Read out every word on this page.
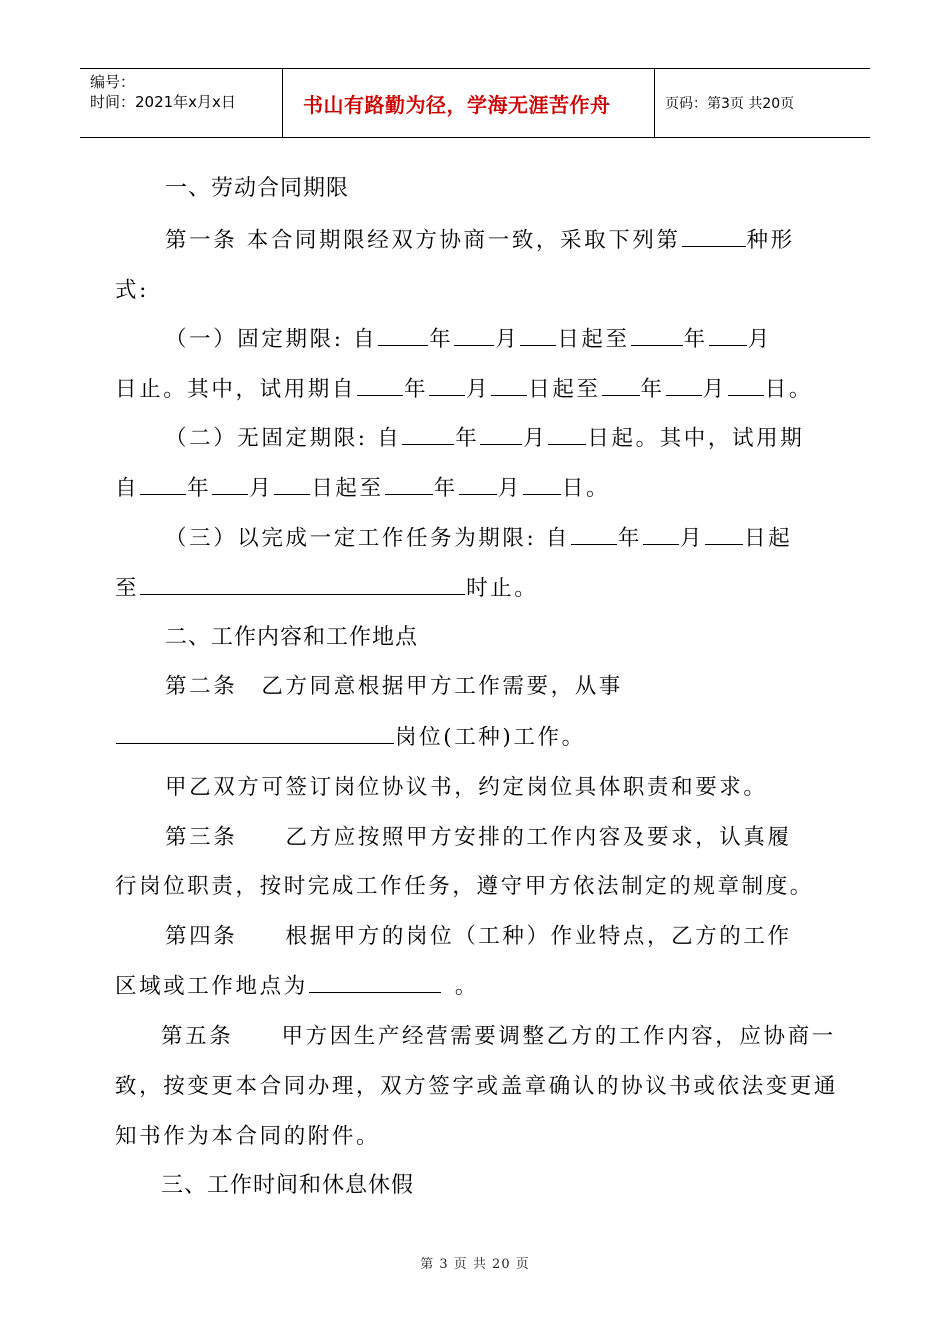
编号：
时间：2021年x月x日	书山有路勤为径，学海无涯苦作舟	页码：第3页 共20页
一、劳动合同期限
第一条 本合同期限经双方协商一致，采取下列第	种形
式:
（一）固定期限: 自 年 月 日起至	年 月
日止。其中，试用期自 年 月 日起至 年 月 日。
（二）无固定期限: 自	年 月 日起。其中，试用期
自 年 月 日起至 年 月 日。
（三）以完成一定工作任务为期限: 自 年 月 日起
至	时止。
二、工作内容和工作地点
第二条　乙方同意根据甲方工作需要，从事
岗位(工种)工作。
甲乙双方可签订岗位协议书，约定岗位具体职责和要求。
第三条　　乙方应按照甲方安排的工作内容及要求，认真履
行岗位职责，按时完成工作任务，遵守甲方依法制定的规章制度。
第四条　　根据甲方的岗位（工种）作业特点，乙方的工作
区域或工作地点为	。
第五条　　甲方因生产经营需要调整乙方的工作内容，应协商一
致，按变更本合同办理，双方签字或盖章确认的协议书或依法变更通
知书作为本合同的附件。
三、工作时间和休息休假
第 3 页 共 20 页
